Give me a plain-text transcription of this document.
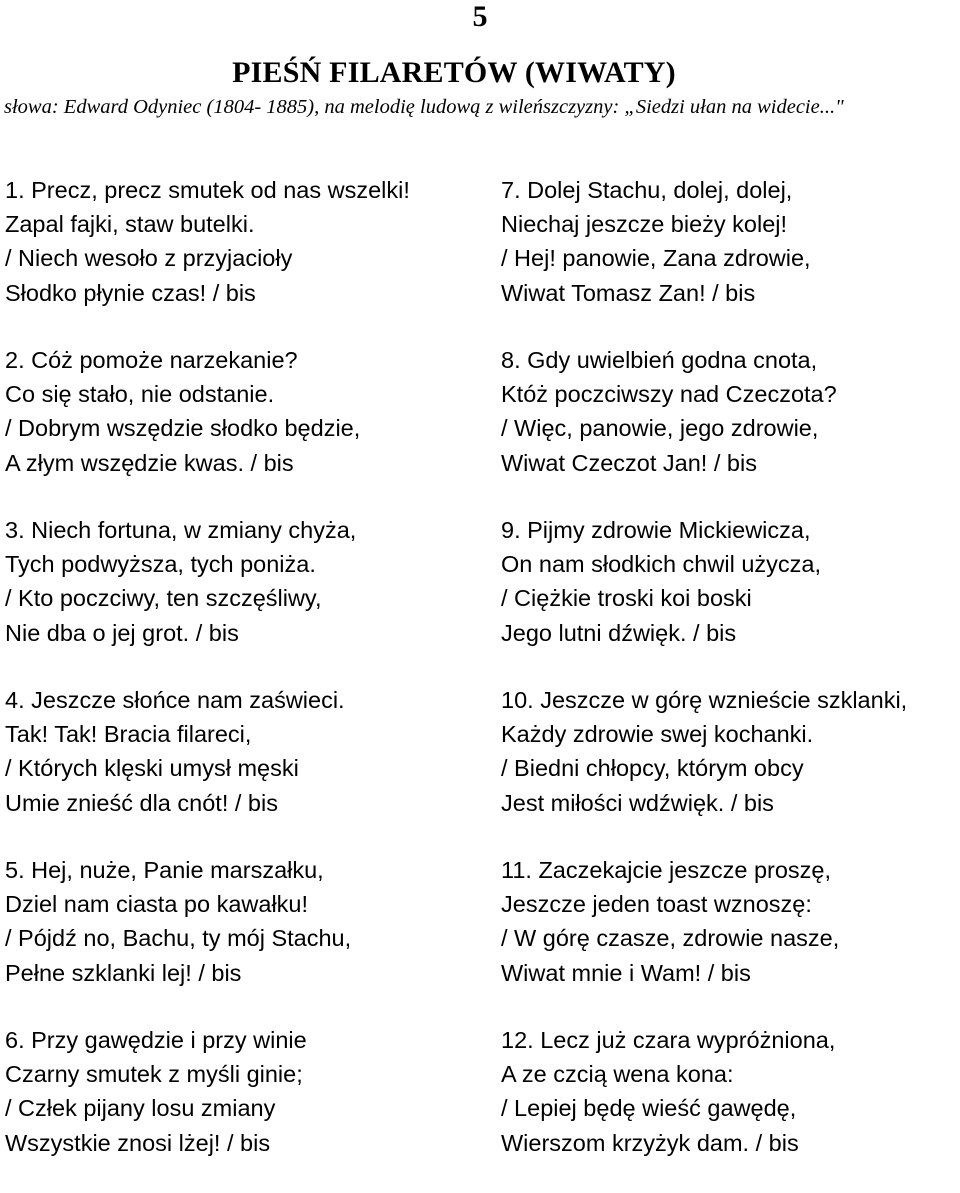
5
PIEŚŃ FILARETÓW (WIWATY)
słowa: Edward Odyniec (1804- 1885), na melodię ludową z wileńszczyzny: „Siedzi ułan na widecie..."
1. Precz, precz smutek od nas wszelki!
Zapal fajki, staw butelki.
/ Niech wesoło z przyjacioły
Słodko płynie czas! / bis
2. Cóż pomoże narzekanie?
Co się stało, nie odstanie.
/ Dobrym wszędzie słodko będzie,
A złym wszędzie kwas. / bis
3. Niech fortuna, w zmiany chyża,
Tych podwyższa, tych poniża.
/ Kto poczciwy, ten szczęśliwy,
Nie dba o jej grot. / bis
4. Jeszcze słońce nam zaświeci.
Tak! Tak! Bracia filareci,
/ Których klęski umysł męski
Umie znieść dla cnót! / bis
5. Hej, nuże, Panie marszałku,
Dziel nam ciasta po kawałku!
/ Pójdź no, Bachu, ty mój Stachu,
Pełne szklanki lej! / bis
6. Przy gawędzie i przy winie
Czarny smutek z myśli ginie;
/ Człek pijany losu zmiany
Wszystkie znosi lżej! / bis
7. Dolej Stachu, dolej, dolej,
Niechaj jeszcze bieży kolej!
/ Hej! panowie, Zana zdrowie,
Wiwat Tomasz Zan! / bis
8. Gdy uwielbień godna cnota,
Któż poczciwszy nad Czeczota?
/ Więc, panowie, jego zdrowie,
Wiwat Czeczot Jan! / bis
9. Pijmy zdrowie Mickiewicza,
On nam słodkich chwil użycza,
/ Ciężkie troski koi boski
Jego lutni dźwięk. / bis
10. Jeszcze w górę wznieście szklanki,
Każdy zdrowie swej kochanki.
/ Biedni chłopcy, którym obcy
Jest miłości wdźwięk. / bis
11. Zaczekajcie jeszcze proszę,
Jeszcze jeden toast wznoszę:
/ W górę czasze, zdrowie nasze,
Wiwat mnie i Wam! / bis
12. Lecz już czara wypróżniona,
A ze czcią wena kona:
/ Lepiej będę wieść gawędę,
Wierszom krzyżyk dam. / bis
